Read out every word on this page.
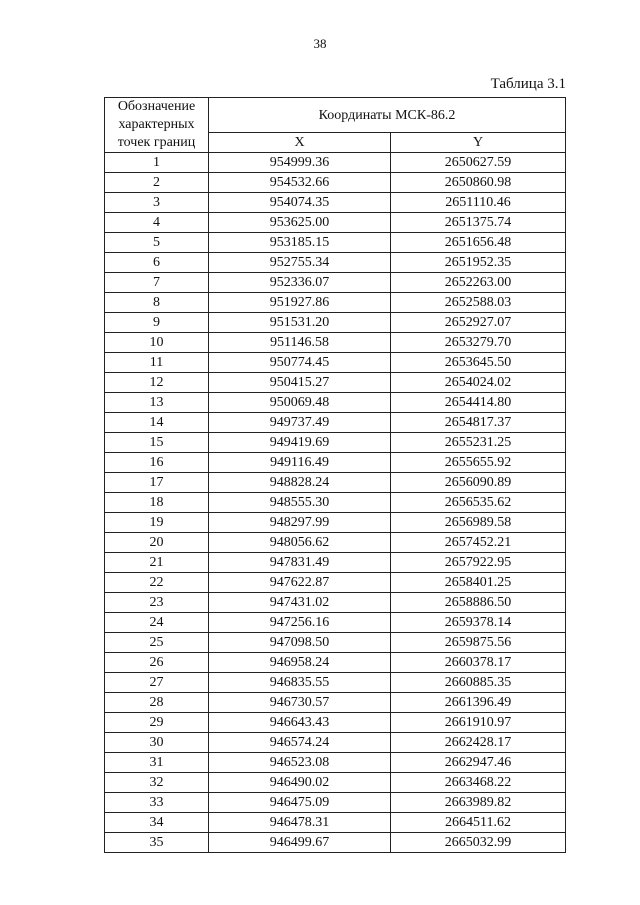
38
Таблица 3.1
Обозначение характерных точек границ	Координаты МСК-86.2	
	X	Y
1	954999.36	2650627.59
2	954532.66	2650860.98
3	954074.35	2651110.46
4	953625.00	2651375.74
5	953185.15	2651656.48
6	952755.34	2651952.35
7	952336.07	2652263.00
8	951927.86	2652588.03
9	951531.20	2652927.07
10	951146.58	2653279.70
11	950774.45	2653645.50
12	950415.27	2654024.02
13	950069.48	2654414.80
14	949737.49	2654817.37
15	949419.69	2655231.25
16	949116.49	2655655.92
17	948828.24	2656090.89
18	948555.30	2656535.62
19	948297.99	2656989.58
20	948056.62	2657452.21
21	947831.49	2657922.95
22	947622.87	2658401.25
23	947431.02	2658886.50
24	947256.16	2659378.14
25	947098.50	2659875.56
26	946958.24	2660378.17
27	946835.55	2660885.35
28	946730.57	2661396.49
29	946643.43	2661910.97
30	946574.24	2662428.17
31	946523.08	2662947.46
32	946490.02	2663468.22
33	946475.09	2663989.82
34	946478.31	2664511.62
35	946499.67	2665032.99
